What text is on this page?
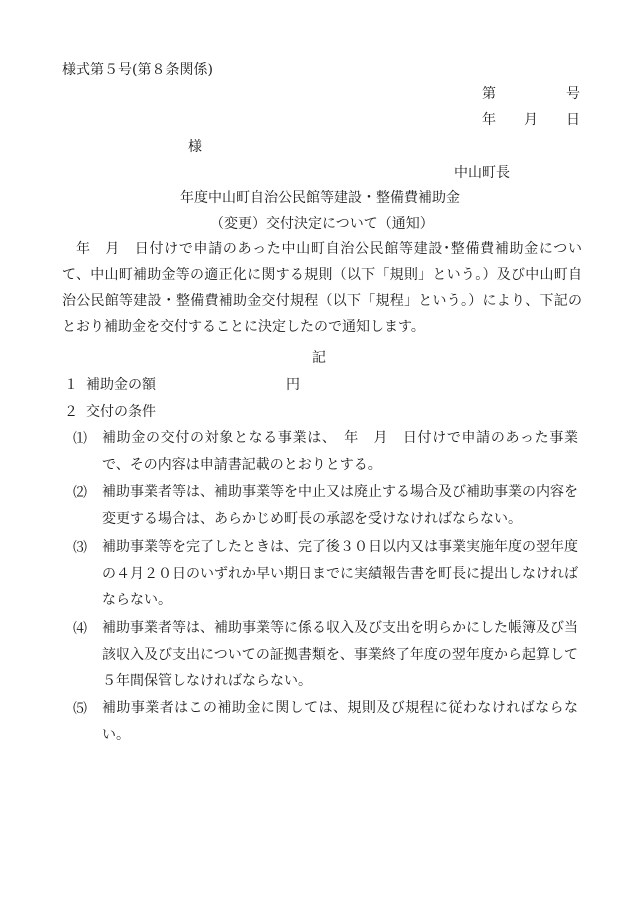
様式第５号(第８条関係)
第	号
年 月 日
様
中山町長
年度中山町自治公民館等建設・整備費補助金
（変更）交付決定について（通知）
年　月　日付けで申請のあった中山町自治公民館等建設･整備費補助金について、中山町補助金等の適正化に関する規則（以下「規則」という。）及び中山町自治公民館等建設・整備費補助金交付規程（以下「規程」という。）により、下記のとおり補助金を交付することに決定したので通知します。
記
１ 補助金の額	円
２ 交付の条件
⑴ 補助金の交付の対象となる事業は、　年　月　日付けで申請のあった事業で、その内容は申請書記載のとおりとする。
⑵ 補助事業者等は、補助事業等を中止又は廃止する場合及び補助事業の内容を変更する場合は、あらかじめ町長の承認を受けなければならない。
⑶ 補助事業等を完了したときは、完了後３０日以内又は事業実施年度の翌年度の４月２０日のいずれか早い期日までに実績報告書を町長に提出しなければならない。
⑷ 補助事業者等は、補助事業等に係る収入及び支出を明らかにした帳簿及び当該収入及び支出についての証拠書類を、事業終了年度の翌年度から起算して５年間保管しなければならない。
⑸ 補助事業者はこの補助金に関しては、規則及び規程に従わなければならない。
